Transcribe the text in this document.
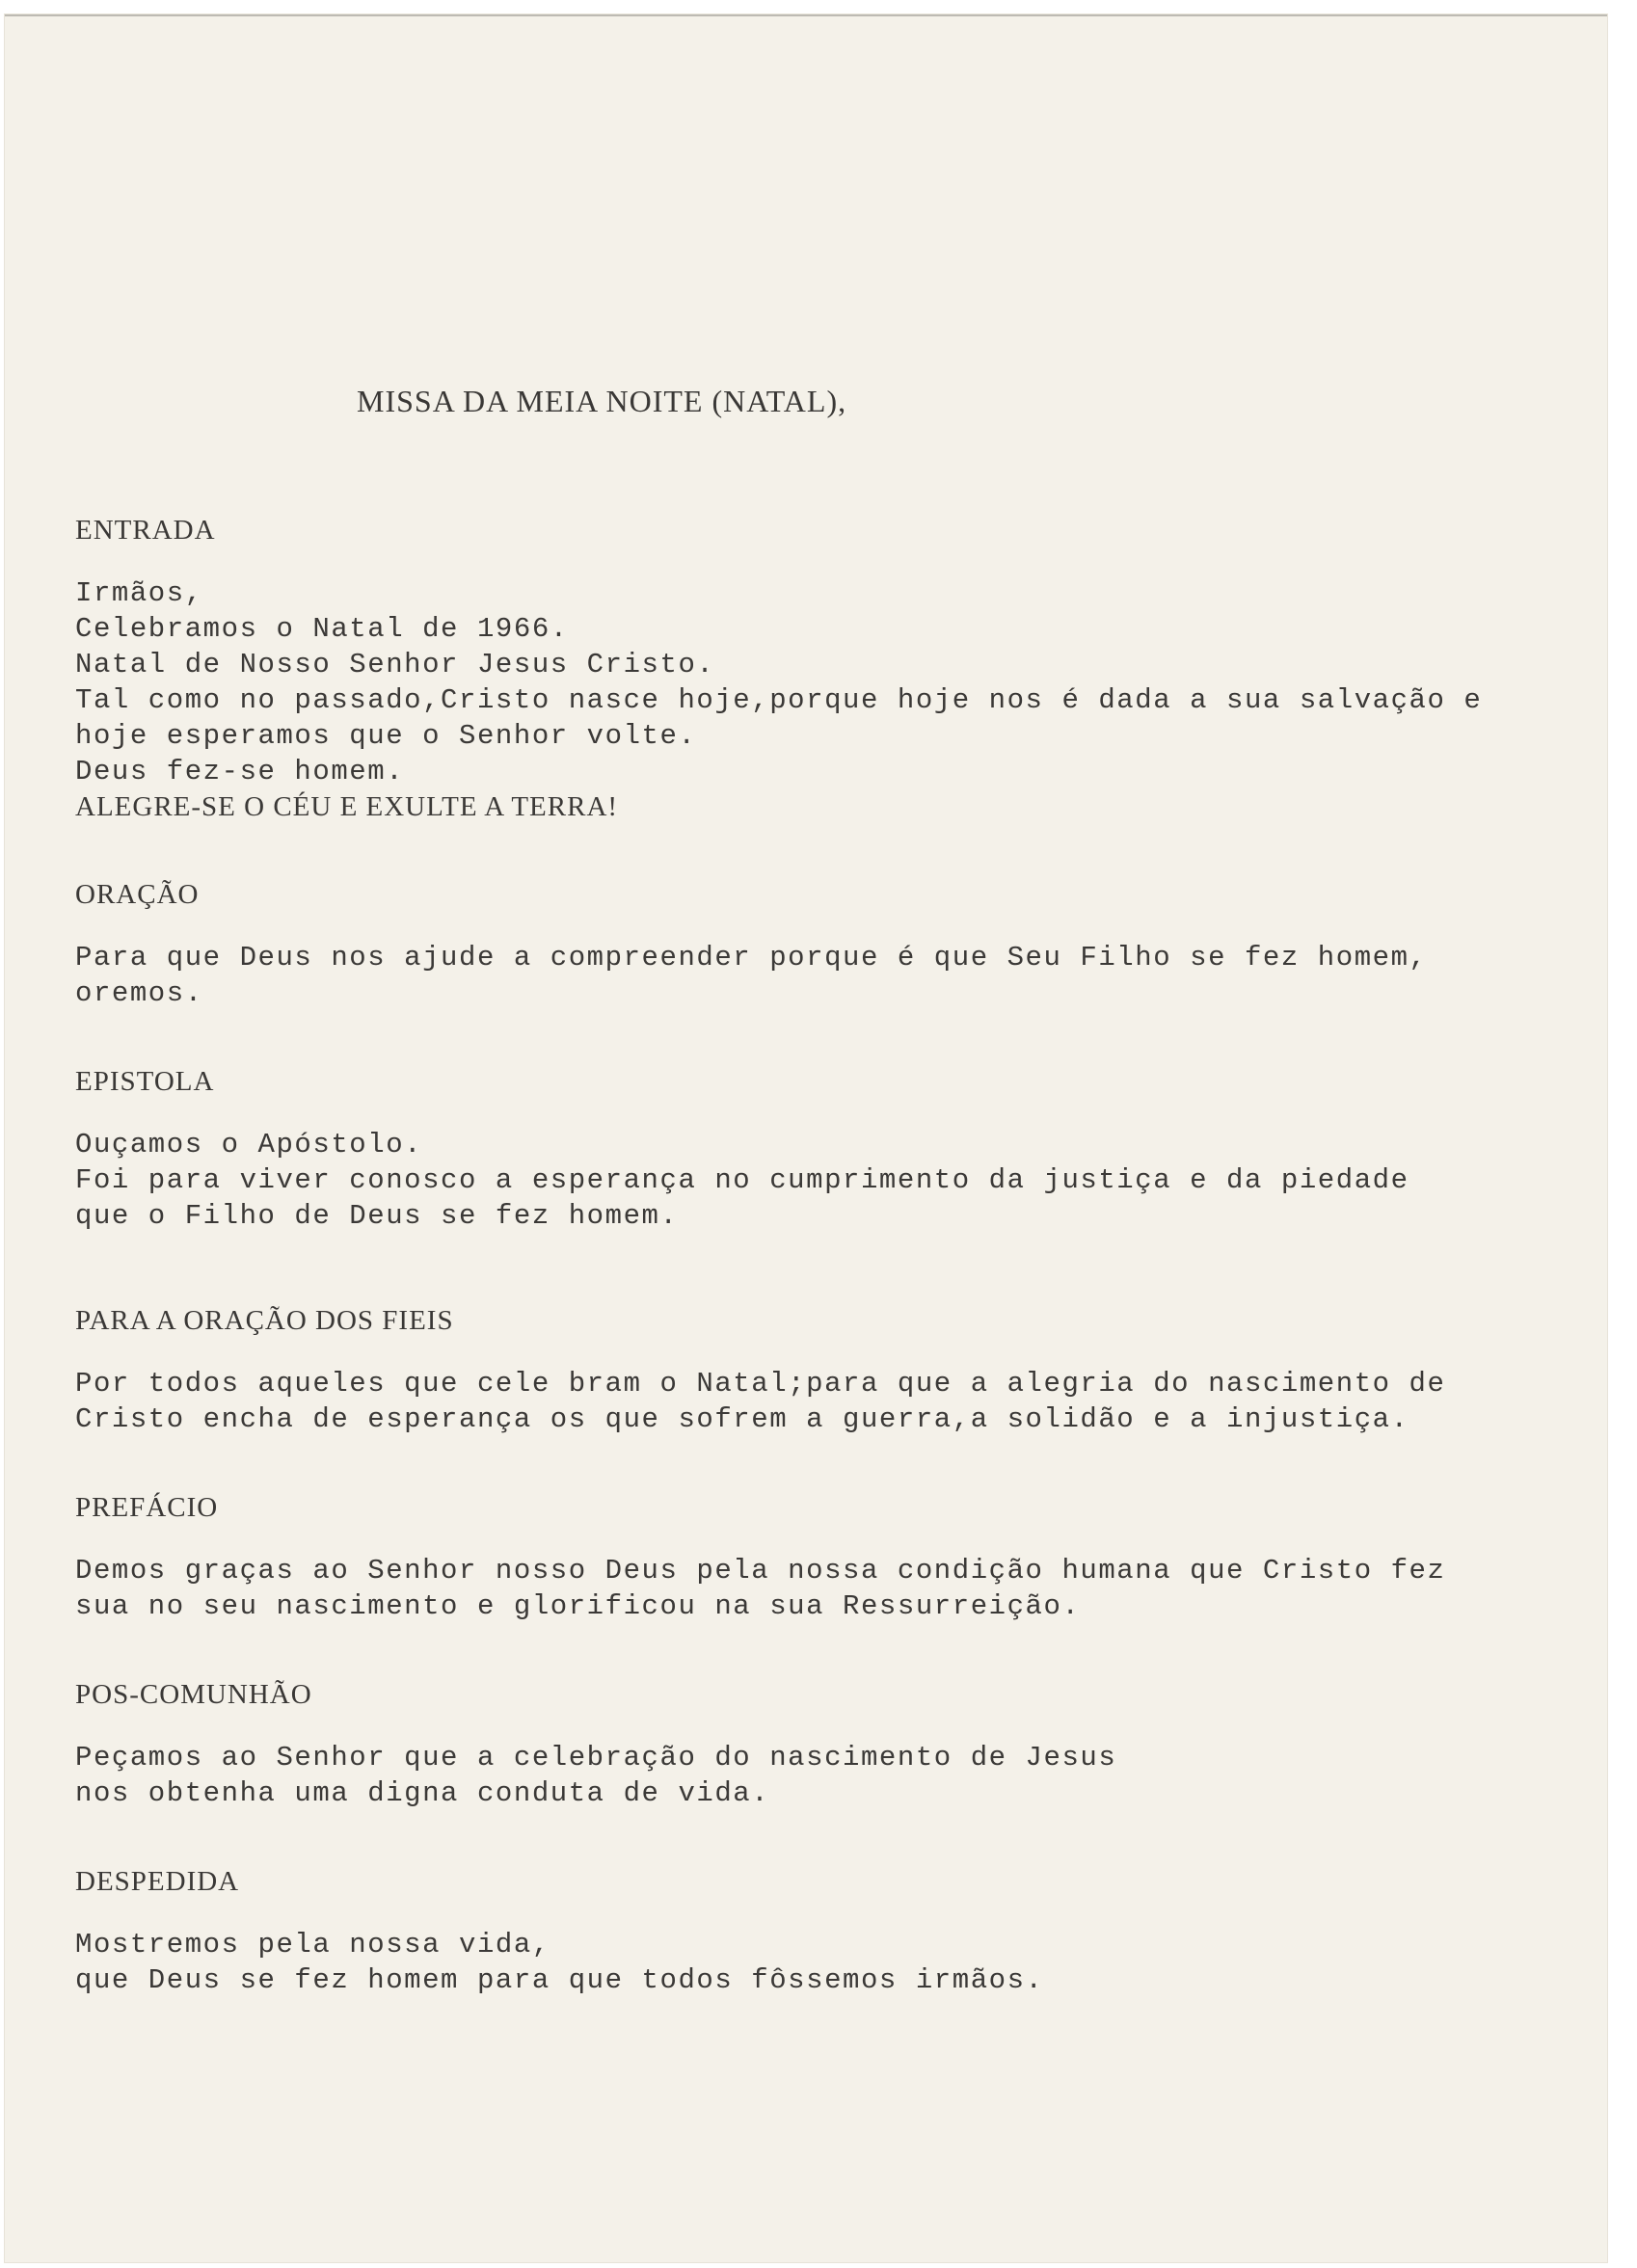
MISSA DA MEIA NOITE (NATAL),
ENTRADA
Irmãos,
Celebramos o Natal de 1966.
Natal de Nosso Senhor Jesus Cristo.
Tal como no passado,Cristo nasce hoje,porque hoje nos é dada a sua salvação e
hoje esperamos que o Senhor volte.
Deus fez-se homem.
ALEGRE-SE O CÉU E EXULTE A TERRA!
ORAÇÃO
Para que Deus nos ajude a compreender porque é que Seu Filho se fez homem,
oremos.
EPISTOLA
Ouçamos o Apóstolo.
Foi para viver conosco a esperança no cumprimento da justiça e da piedade
que o Filho de Deus se fez homem.
PARA A ORAÇÃO DOS FIEIS
Por todos aqueles que cele bram o Natal;para que a alegria do nascimento de
Cristo encha de esperança os que sofrem a guerra,a solidão e a injustiça.
PREFÁCIO
Demos graças ao Senhor nosso Deus pela nossa condição humana que Cristo fez
sua no seu nascimento e glorificou na sua Ressurreição.
POS-COMUNHÃO
Peçamos ao Senhor que a celebração do nascimento de Jesus
nos obtenha uma digna conduta de vida.
DESPEDIDA
Mostremos pela nossa vida,
que Deus se fez homem para que todos fôssemos irmãos.
